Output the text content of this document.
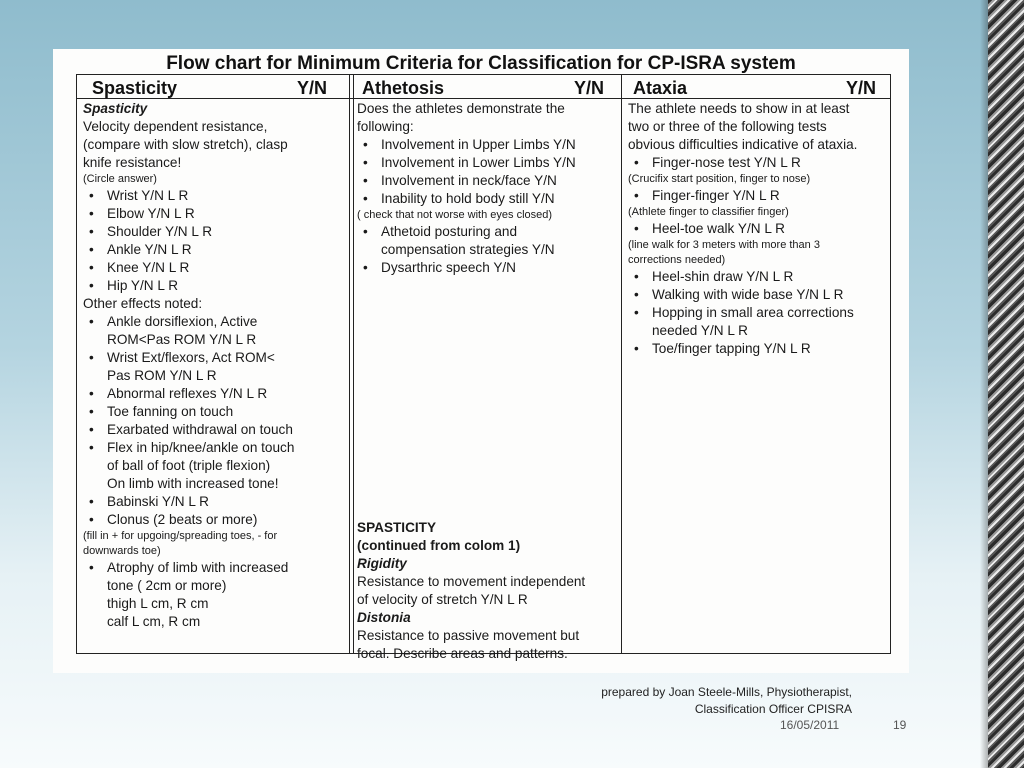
Flow chart for Minimum Criteria for Classification for CP-ISRA system
Spasticity	Y/N Athetosis	Y/N Ataxia	Y/N
Spasticity
Velocity dependent resistance,
(compare with slow stretch), clasp
knife resistance!
(Circle answer)
• Wrist Y/N L R
• Elbow Y/N L R
• Shoulder Y/N L R
• Ankle Y/N L R
• Knee Y/N L R
• Hip Y/N L R
Other effects noted:
• Ankle dorsiflexion, Active
ROM<Pas ROM Y/N L R
• Wrist Ext/flexors, Act ROM<
Pas ROM Y/N L R
• Abnormal reflexes Y/N L R
• Toe fanning on touch
• Exarbated withdrawal on touch
• Flex in hip/knee/ankle on touch
of ball of foot (triple flexion)
On limb with increased tone!
• Babinski Y/N L R
• Clonus (2 beats or more)
(fill in + for upgoing/spreading toes, - for
downwards toe)
• Atrophy of limb with increased
tone ( 2cm or more)
thigh L cm, R cm
calf L cm, R cm
Does the athletes demonstrate the
following:
• Involvement in Upper Limbs Y/N
• Involvement in Lower Limbs Y/N
• Involvement in neck/face Y/N
• Inability to hold body still Y/N
( check that not worse with eyes closed)
• Athetoid posturing and
compensation strategies Y/N
• Dysarthric speech Y/N
SPASTICITY
(continued from colom 1)
Rigidity
Resistance to movement independent
of velocity of stretch Y/N L R
Distonia
Resistance to passive movement but
focal. Describe areas and patterns.
The athlete needs to show in at least
two or three of the following tests
obvious difficulties indicative of ataxia.
• Finger-nose test Y/N L R
(Crucifix start position, finger to nose)
• Finger-finger Y/N L R
(Athlete finger to classifier finger)
• Heel-toe walk Y/N L R
(line walk for 3 meters with more than 3
corrections needed)
• Heel-shin draw Y/N L R
• Walking with wide base Y/N L R
• Hopping in small area corrections
needed Y/N L R
• Toe/finger tapping Y/N L R
prepared by Joan Steele-Mills, Physiotherapist,
Classification Officer CPISRA
16/05/2011	19
